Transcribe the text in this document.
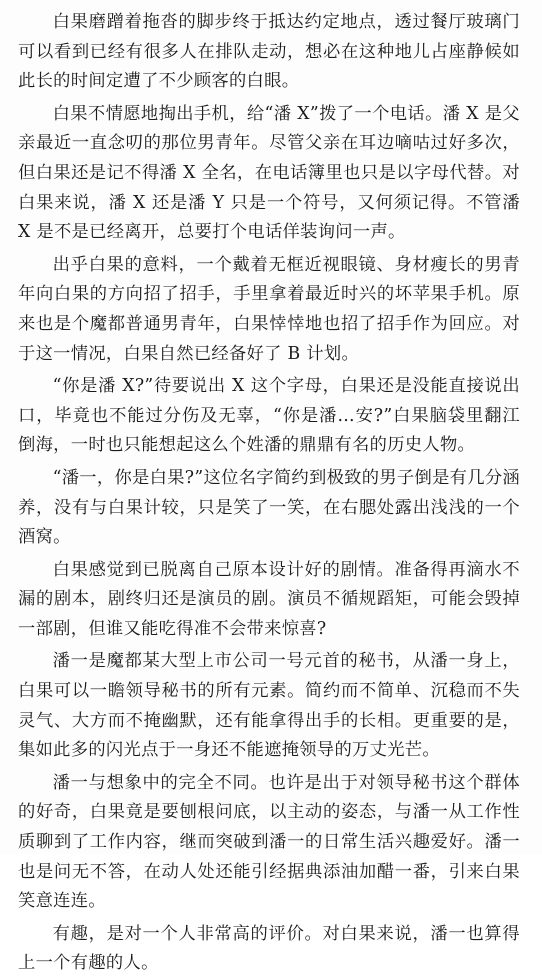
白果磨蹭着拖沓的脚步终于抵达约定地点，透过餐厅玻璃门可以看到已经有很多人在排队走动，想必在这种地儿占座静候如此长的时间定遭了不少顾客的白眼。

白果不情愿地掏出手机，给“潘 X”拨了一个电话。潘 X 是父亲最近一直念叨的那位男青年。尽管父亲在耳边嘀咕过好多次，但白果还是记不得潘 X 全名，在电话簿里也只是以字母代替。对白果来说，潘 X 还是潘 Y 只是一个符号，又何须记得。不管潘 X 是不是已经离开，总要打个电话佯装询问一声。

出乎白果的意料，一个戴着无框近视眼镜、身材瘦长的男青年向白果的方向招了招手，手里拿着最近时兴的坏苹果手机。原来也是个魔都普通男青年，白果悻悻地也招了招手作为回应。对于这一情况，白果自然已经备好了 B 计划。

“你是潘 X?”待要说出 X 这个字母，白果还是没能直接说出口，毕竟也不能过分伤及无辜，“你是潘…安?”白果脑袋里翻江倒海，一时也只能想起这么个姓潘的鼎鼎有名的历史人物。

“潘一，你是白果?”这位名字简约到极致的男子倒是有几分涵养，没有与白果计较，只是笑了一笑，在右腮处露出浅浅的一个酒窝。

白果感觉到已脱离自己原本设计好的剧情。准备得再滴水不漏的剧本，剧终归还是演员的剧。演员不循规蹈矩，可能会毁掉一部剧，但谁又能吃得准不会带来惊喜?

潘一是魔都某大型上市公司一号元首的秘书，从潘一身上，白果可以一瞻领导秘书的所有元素。简约而不简单、沉稳而不失灵气、大方而不掩幽默，还有能拿得出手的长相。更重要的是，集如此多的闪光点于一身还不能遮掩领导的万丈光芒。

潘一与想象中的完全不同。也许是出于对领导秘书这个群体的好奇，白果竟是要刨根问底，以主动的姿态，与潘一从工作性质聊到了工作内容，继而突破到潘一的日常生活兴趣爱好。潘一也是问无不答，在动人处还能引经据典添油加醋一番，引来白果笑意连连。

有趣，是对一个人非常高的评价。对白果来说，潘一也算得上一个有趣的人。
